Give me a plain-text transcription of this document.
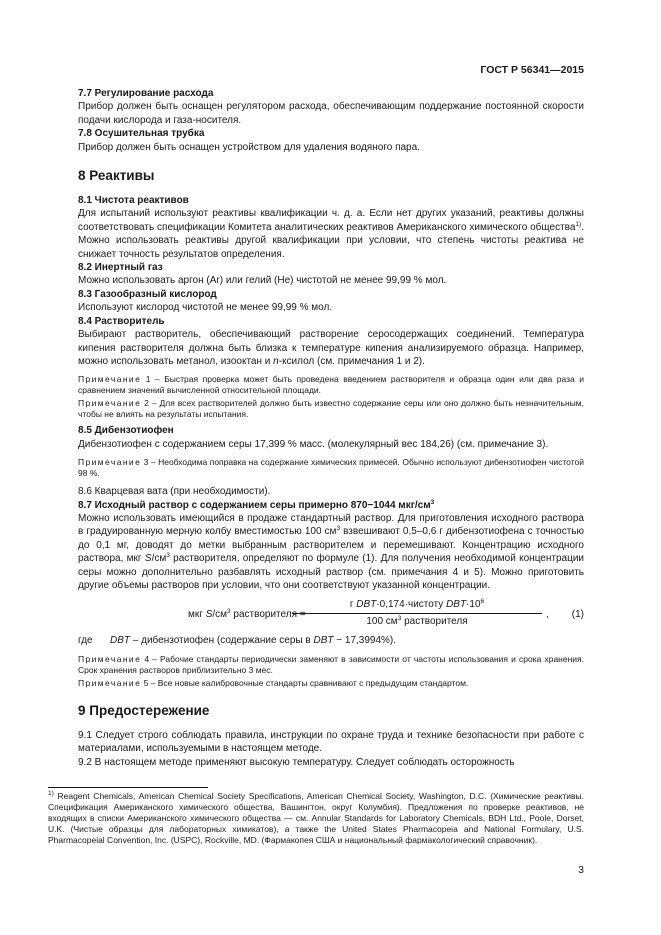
ГОСТ Р 56341—2015

7.7 Регулирование расхода

Прибор должен быть оснащен регулятором расхода, обеспечивающим поддержание постоянной скорости подачи кислорода и газа-носителя.

7.8 Осушительная трубка

Прибор должен быть оснащен устройством для удаления водяного пара.

8 Реактивы

8.1 Чистота реактивов

Для испытаний используют реактивы квалификации ч. д. а. Если нет других указаний, реактивы должны соответствовать спецификации Комитета аналитических реактивов Американского химического общества$^{1)}$. Можно использовать реактивы другой квалификации при условии, что степень чистоты реактива не снижает точность результатов определения.

8.2 Инертный газ

Можно использовать аргон (Ar) или гелий (He) чистотой не менее 99,99 % мол.

8.3 Газообразный кислород

Используют кислород чистотой не менее 99,99 % мол.

8.4 Растворитель

Выбирают растворитель, обеспечивающий растворение серосодержащих соединений. Температура кипения растворителя должна быть близка к температуре кипения анализируемого образца. Например, можно использовать метанол, изооктан и n-ксилол (см. примечания 1 и 2).

Примечание 1 – Быстрая проверка может быть проведена введением растворителя и образца один или два раза и сравнением значений вычисленной относительной площади.

Примечание 2 – Для всех растворителей должно быть известно содержание серы или оно должно быть незначительным, чтобы не влиять на результаты испытания.

8.5 Дибензотиофен

Дибензотиофен с содержанием серы 17,399 % масс. (молекулярный вес 184,26) (см. примечание 3).

Примечание 3 – Необходима поправка на содержание химических примесей. Обычно используют дибензотиофен чистотой 98 %.

8.6 Кварцевая вата (при необходимости).

8.7 Исходный раствор с содержанием серы примерно 870−1044 мкг/$см^3$

Можно использовать имеющийся в продаже стандартный раствор. Для приготовления исходного раствора в градуированную мерную колбу вместимостью 100 $см^3$ взвешивают 0,5–0,6 г дибензотиофена с точностью до 0,1 мг, доводят до метки выбранным растворителем и перемешивают. Концентрацию исходного раствора, мкг $S/см^3$ растворителя, определяют по формуле (1). Для получения необходимой концентрации серы можно дополнительно разбавлять исходный раствор (см. примечания 4 и 5). Можно приготовить другие объемы растворов при условии, что они соответствуют указанной концентрации.

мкг $S/см^3$ растворителя =
г DBT·0,174·чистоту $DBT\cdot 10^6$
100 $см^3$ растворителя
, (1)

где DBT – дибензотиофен (содержание серы в DBT − 17,3994%).

Примечание 4 – Рабочие стандарты периодически заменяют в зависимости от частоты использования и срока хранения. Срок хранения растворов приблизительно 3 мес.

Примечание 5 – Все новые калибровочные стандарты сравнивают с предыдущим стандартом.

9 Предостережение

9.1 Следует строго соблюдать правила, инструкции по охране труда и технике безопасности при работе с материалами, используемыми в настоящем методе.

9.2 В настоящем методе применяют высокую температуру. Следует соблюдать осторожность

$^{1)}$ Reagent Chemicals, American Chemical Society Specifications, American Chemical Society, Washington, D.C. (Химические реактивы. Спецификация Американского химического общества, Вашингтон, округ Колумбия). Предложения по проверке реактивов, не входящих в списки Американского химического общества — см. Annular Standards for Laboratory Chemicals, BDH Ltd., Poole, Dorset, U.K. (Чистые образцы для лабораторных химикатов), а также the United States Pharmacopeia and National Formulary, U.S. Pharmacopeial Convention, Inc. (USPC), Rockville, MD. (Фармакопея США и национальный фармакологический справочник).

3
